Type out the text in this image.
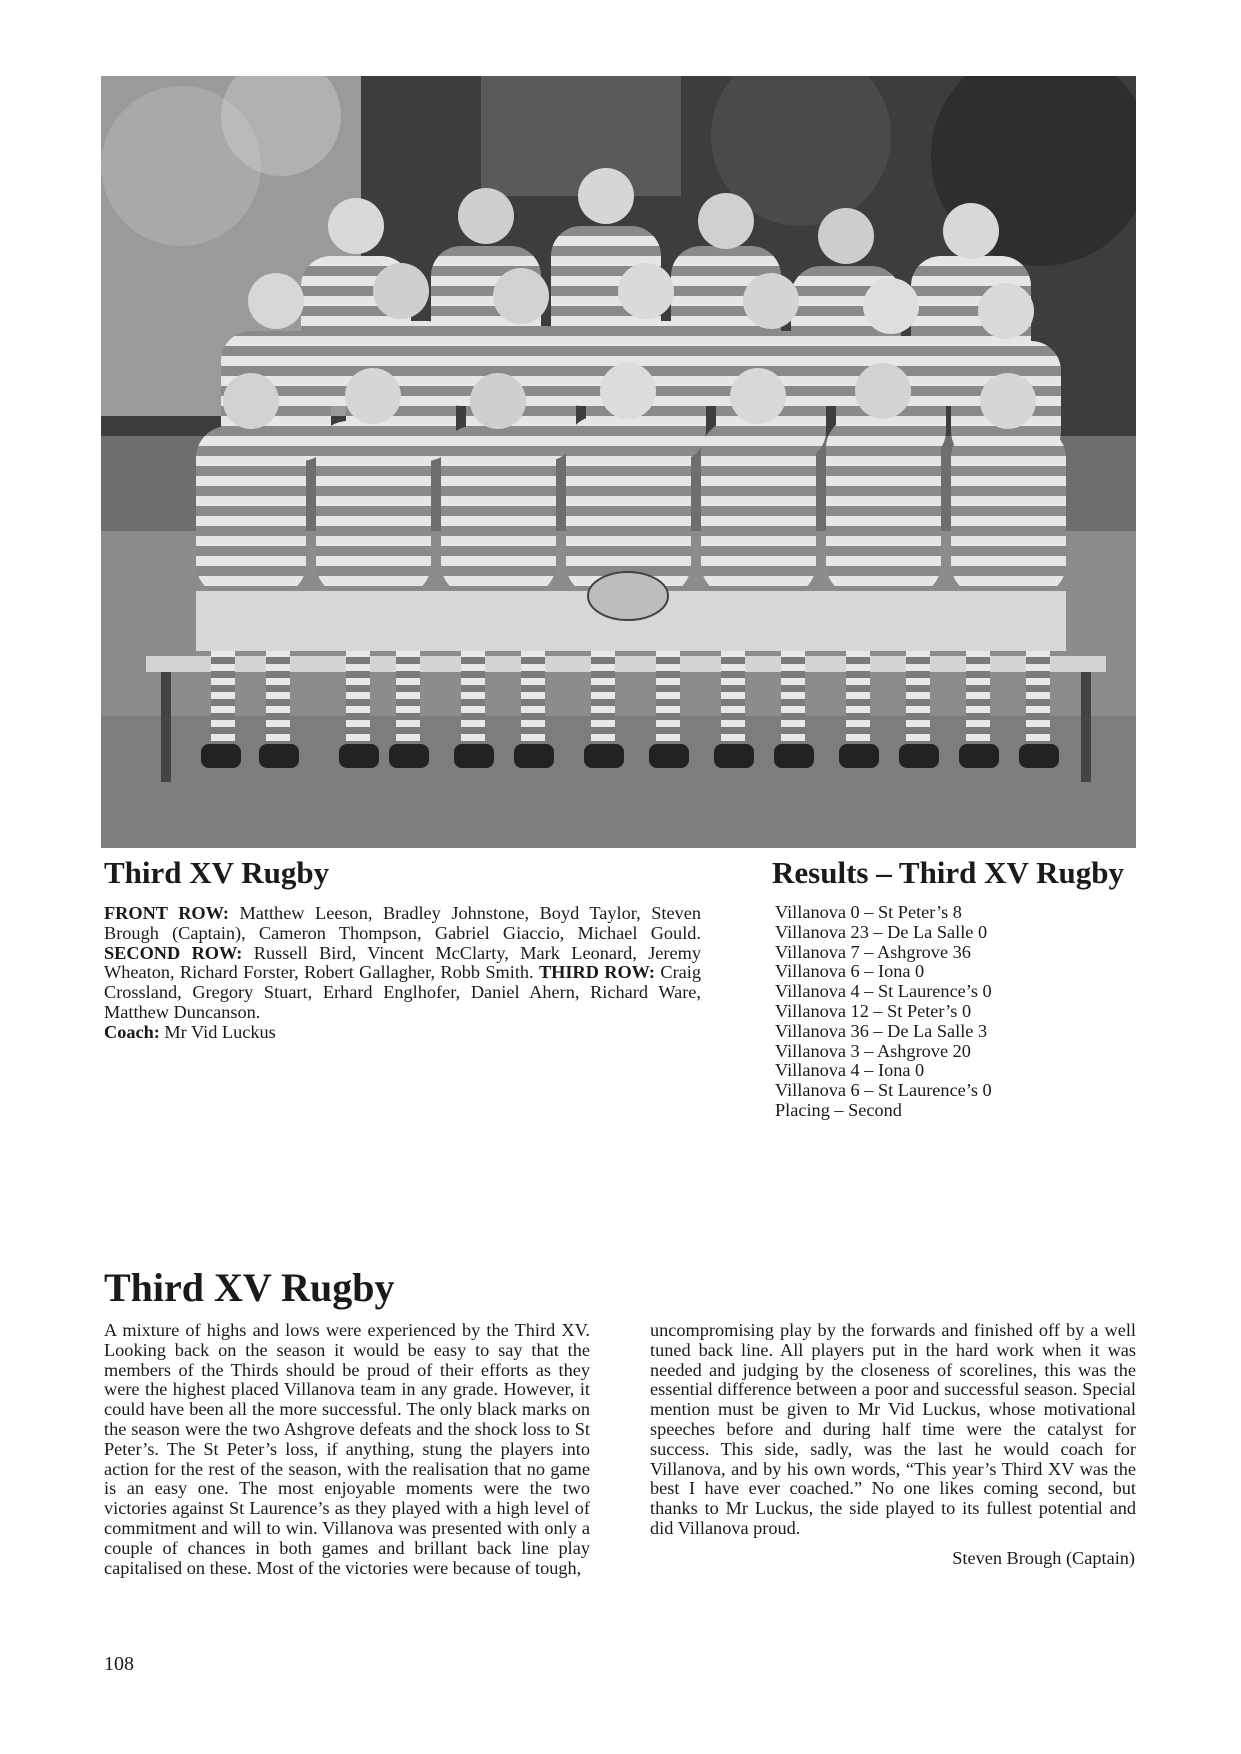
Third XV Rugby

FRONT ROW: Matthew Leeson, Bradley Johnstone, Boyd Taylor, Steven Brough (Captain), Cameron Thompson, Gabriel Giaccio, Michael Gould. SECOND ROW: Russell Bird, Vincent McClarty, Mark Leonard, Jeremy Wheaton, Richard Forster, Robert Gallagher, Robb Smith. THIRD ROW: Craig Crossland, Gregory Stuart, Erhard Englhofer, Daniel Ahern, Richard Ware, Matthew Duncanson.
Coach: Mr Vid Luckus

Results – Third XV Rugby
Villanova 0 – St Peter’s 8
Villanova 23 – De La Salle 0
Villanova 7 – Ashgrove 36
Villanova 6 – Iona 0
Villanova 4 – St Laurence’s 0
Villanova 12 – St Peter’s 0
Villanova 36 – De La Salle 3
Villanova 3 – Ashgrove 20
Villanova 4 – Iona 0
Villanova 6 – St Laurence’s 0
Placing – Second
Third XV Rugby

A mixture of highs and lows were experienced by the Third XV. Looking back on the season it would be easy to say that the members of the Thirds should be proud of their efforts as they were the highest placed Villanova team in any grade. However, it could have been all the more successful. The only black marks on the season were the two Ashgrove defeats and the shock loss to St Peter’s. The St Peter’s loss, if anything, stung the players into action for the rest of the season, with the realisation that no game is an easy one. The most enjoyable moments were the two victories against St Laurence’s as they played with a high level of commitment and will to win. Villanova was presented with only a couple of chances in both games and brillant back line play capitalised on these. Most of the victories were because of tough,

uncompromising play by the forwards and finished off by a well tuned back line. All players put in the hard work when it was needed and judging by the closeness of scorelines, this was the essential difference between a poor and successful season. Special mention must be given to Mr Vid Luckus, whose motivational speeches before and during half time were the catalyst for success. This side, sadly, was the last he would coach for Villanova, and by his own words, “This year’s Third XV was the best I have ever coached.” No one likes coming second, but thanks to Mr Luckus, the side played to its fullest potential and did Villanova proud.

Steven Brough (Captain)

108
